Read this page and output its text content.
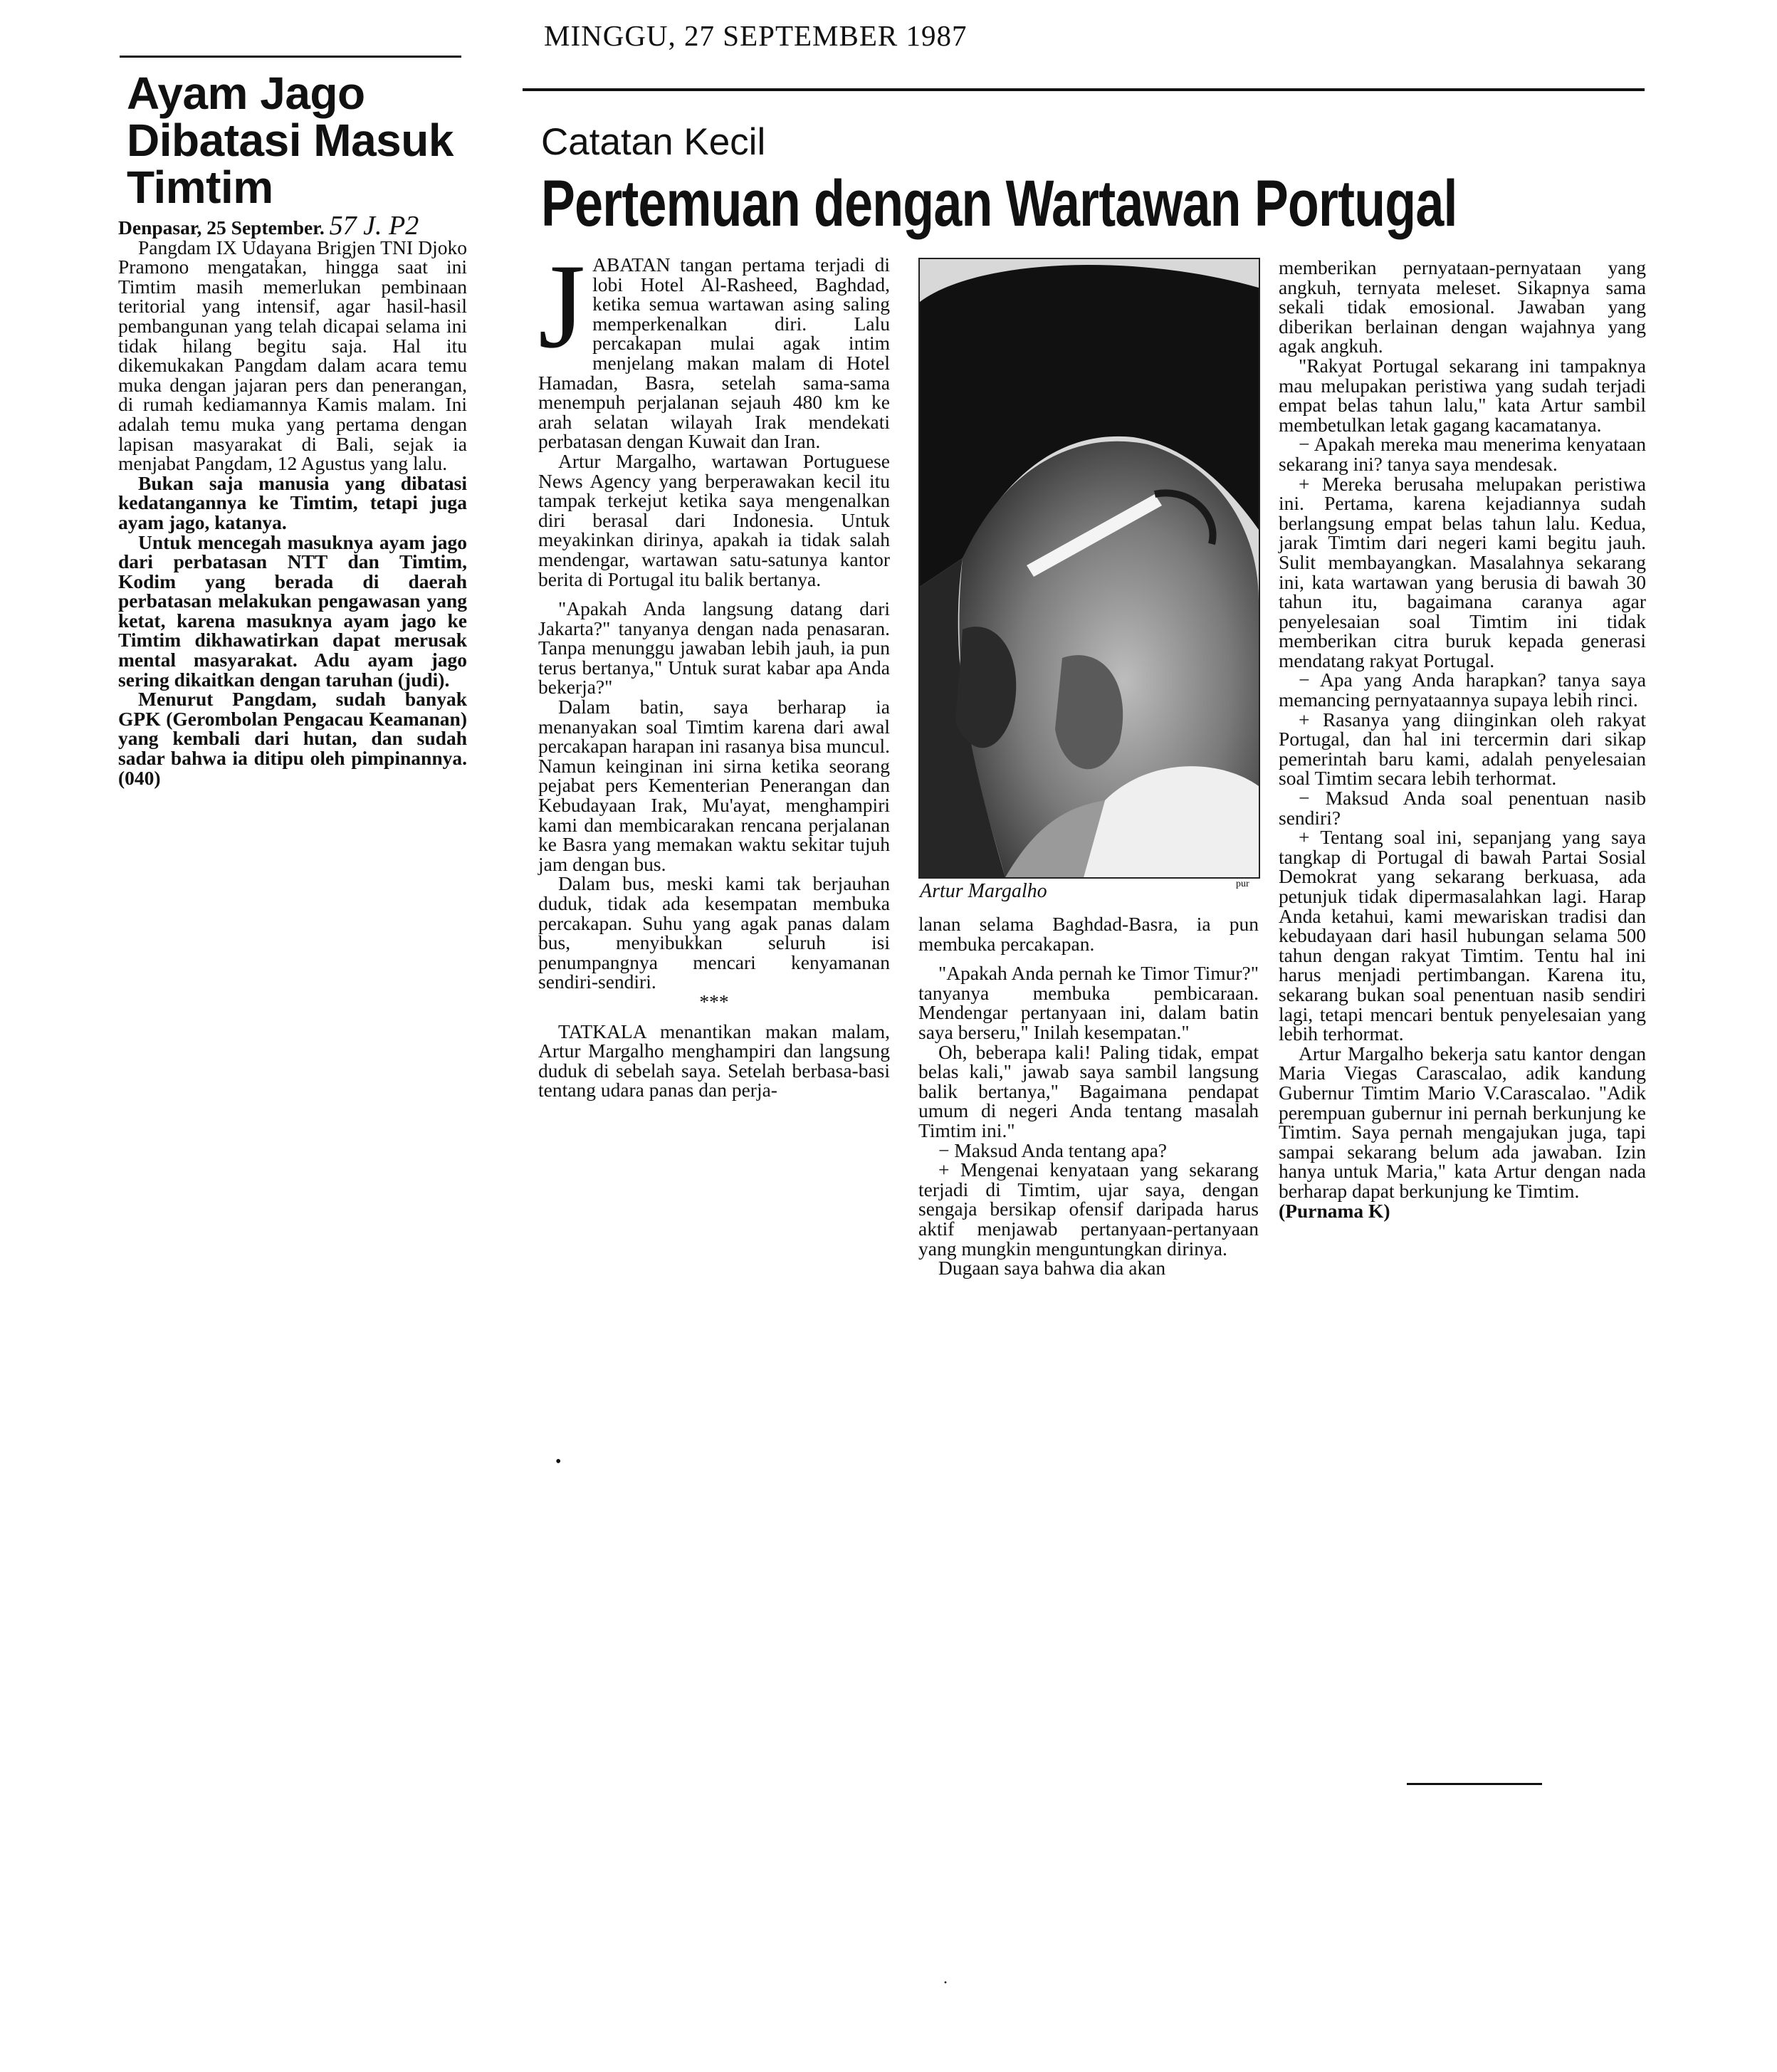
MINGGU, 27 SEPTEMBER 1987
Ayam Jago
Dibatasi Masuk
Timtim

Denpasar, 25 September. 57 J. P2

Pangdam IX Udayana Brigjen TNI Djoko Pramono mengatakan, hingga saat ini Timtim masih memerlukan pembinaan teritorial yang intensif, agar hasil-hasil pembangunan yang telah dicapai selama ini tidak hilang begitu saja. Hal itu dikemukakan Pangdam dalam acara temu muka dengan jajaran pers dan penerangan, di rumah kediamannya Kamis malam. Ini adalah temu muka yang pertama dengan lapisan masyarakat di Bali, sejak ia menjabat Pangdam, 12 Agustus yang lalu.

Bukan saja manusia yang dibatasi kedatangannya ke Timtim, tetapi juga ayam jago, katanya.

Untuk mencegah masuknya ayam jago dari perbatasan NTT dan Timtim, Kodim yang berada di daerah perbatasan melakukan pengawasan yang ketat, karena masuknya ayam jago ke Timtim dikhawatirkan dapat merusak mental masyarakat. Adu ayam jago sering dikaitkan dengan taruhan (judi).

Menurut Pangdam, sudah banyak GPK (Gerombolan Pengacau Keamanan) yang kembali dari hutan, dan sudah sadar bahwa ia ditipu oleh pimpinannya. (040)

Catatan Kecil
Pertemuan dengan Wartawan Portugal

JABATAN tangan pertama terjadi di lobi Hotel Al-Rasheed, Baghdad, ketika semua wartawan asing saling memperkenalkan diri. Lalu percakapan mulai agak intim menjelang makan malam di Hotel Hamadan, Basra, setelah sama-sama menempuh perjalanan sejauh 480 km ke arah selatan wilayah Irak mendekati perbatasan dengan Kuwait dan Iran.

Artur Margalho, wartawan Portuguese News Agency yang berperawakan kecil itu tampak terkejut ketika saya mengenalkan diri berasal dari Indonesia. Untuk meyakinkan dirinya, apakah ia tidak salah mendengar, wartawan satu-satunya kantor berita di Portugal itu balik bertanya.

"Apakah Anda langsung datang dari Jakarta?" tanyanya dengan nada penasaran. Tanpa menunggu jawaban lebih jauh, ia pun terus bertanya," Untuk surat kabar apa Anda bekerja?"

Dalam batin, saya berharap ia menanyakan soal Timtim karena dari awal percakapan harapan ini rasanya bisa muncul. Namun keinginan ini sirna ketika seorang pejabat pers Kementerian Penerangan dan Kebudayaan Irak, Mu'ayat, menghampiri kami dan membicarakan rencana perjalanan ke Basra yang memakan waktu sekitar tujuh jam dengan bus.

Dalam bus, meski kami tak berjauhan duduk, tidak ada kesempatan membuka percakapan. Suhu yang agak panas dalam bus, menyibukkan seluruh isi penumpangnya mencari kenyamanan sendiri-sendiri.

***

TATKALA menantikan makan malam, Artur Margalho menghampiri dan langsung duduk di sebelah saya. Setelah berbasa-basi tentang udara panas dan perja-

Artur Margalho	pur

lanan selama Baghdad-Basra, ia pun membuka percakapan.

"Apakah Anda pernah ke Timor Timur?" tanyanya membuka pembicaraan. Mendengar pertanyaan ini, dalam batin saya berseru," Inilah kesempatan."

Oh, beberapa kali! Paling tidak, empat belas kali," jawab saya sambil langsung balik bertanya," Bagaimana pendapat umum di negeri Anda tentang masalah Timtim ini."

− Maksud Anda tentang apa?

+ Mengenai kenyataan yang sekarang terjadi di Timtim, ujar saya, dengan sengaja bersikap ofensif daripada harus aktif menjawab pertanyaan-pertanyaan yang mungkin menguntungkan dirinya.

Dugaan saya bahwa dia akan

memberikan pernyataan-pernyataan yang angkuh, ternyata meleset. Sikapnya sama sekali tidak emosional. Jawaban yang diberikan berlainan dengan wajahnya yang agak angkuh.

"Rakyat Portugal sekarang ini tampaknya mau melupakan peristiwa yang sudah terjadi empat belas tahun lalu," kata Artur sambil membetulkan letak gagang kacamatanya.

− Apakah mereka mau menerima kenyataan sekarang ini? tanya saya mendesak.

+ Mereka berusaha melupakan peristiwa ini. Pertama, karena kejadiannya sudah berlangsung empat belas tahun lalu. Kedua, jarak Timtim dari negeri kami begitu jauh. Sulit membayangkan. Masalahnya sekarang ini, kata wartawan yang berusia di bawah 30 tahun itu, bagaimana caranya agar penyelesaian soal Timtim ini tidak memberikan citra buruk kepada generasi mendatang rakyat Portugal.

− Apa yang Anda harapkan? tanya saya memancing pernyataannya supaya lebih rinci.

+ Rasanya yang diinginkan oleh rakyat Portugal, dan hal ini tercermin dari sikap pemerintah baru kami, adalah penyelesaian soal Timtim secara lebih terhormat.

− Maksud Anda soal penentuan nasib sendiri?

+ Tentang soal ini, sepanjang yang saya tangkap di Portugal di bawah Partai Sosial Demokrat yang sekarang berkuasa, ada petunjuk tidak dipermasalahkan lagi. Harap Anda ketahui, kami mewariskan tradisi dan kebudayaan dari hasil hubungan selama 500 tahun dengan rakyat Timtim. Tentu hal ini harus menjadi pertimbangan. Karena itu, sekarang bukan soal penentuan nasib sendiri lagi, tetapi mencari bentuk penyelesaian yang lebih terhormat.

Artur Margalho bekerja satu kantor dengan Maria Viegas Carascalao, adik kandung Gubernur Timtim Mario V.Carascalao. "Adik perempuan gubernur ini pernah berkunjung ke Timtim. Saya pernah mengajukan juga, tapi sampai sekarang belum ada jawaban. Izin hanya untuk Maria," kata Artur dengan nada berharap dapat berkunjung ke Timtim.

(Purnama K)

•
·
